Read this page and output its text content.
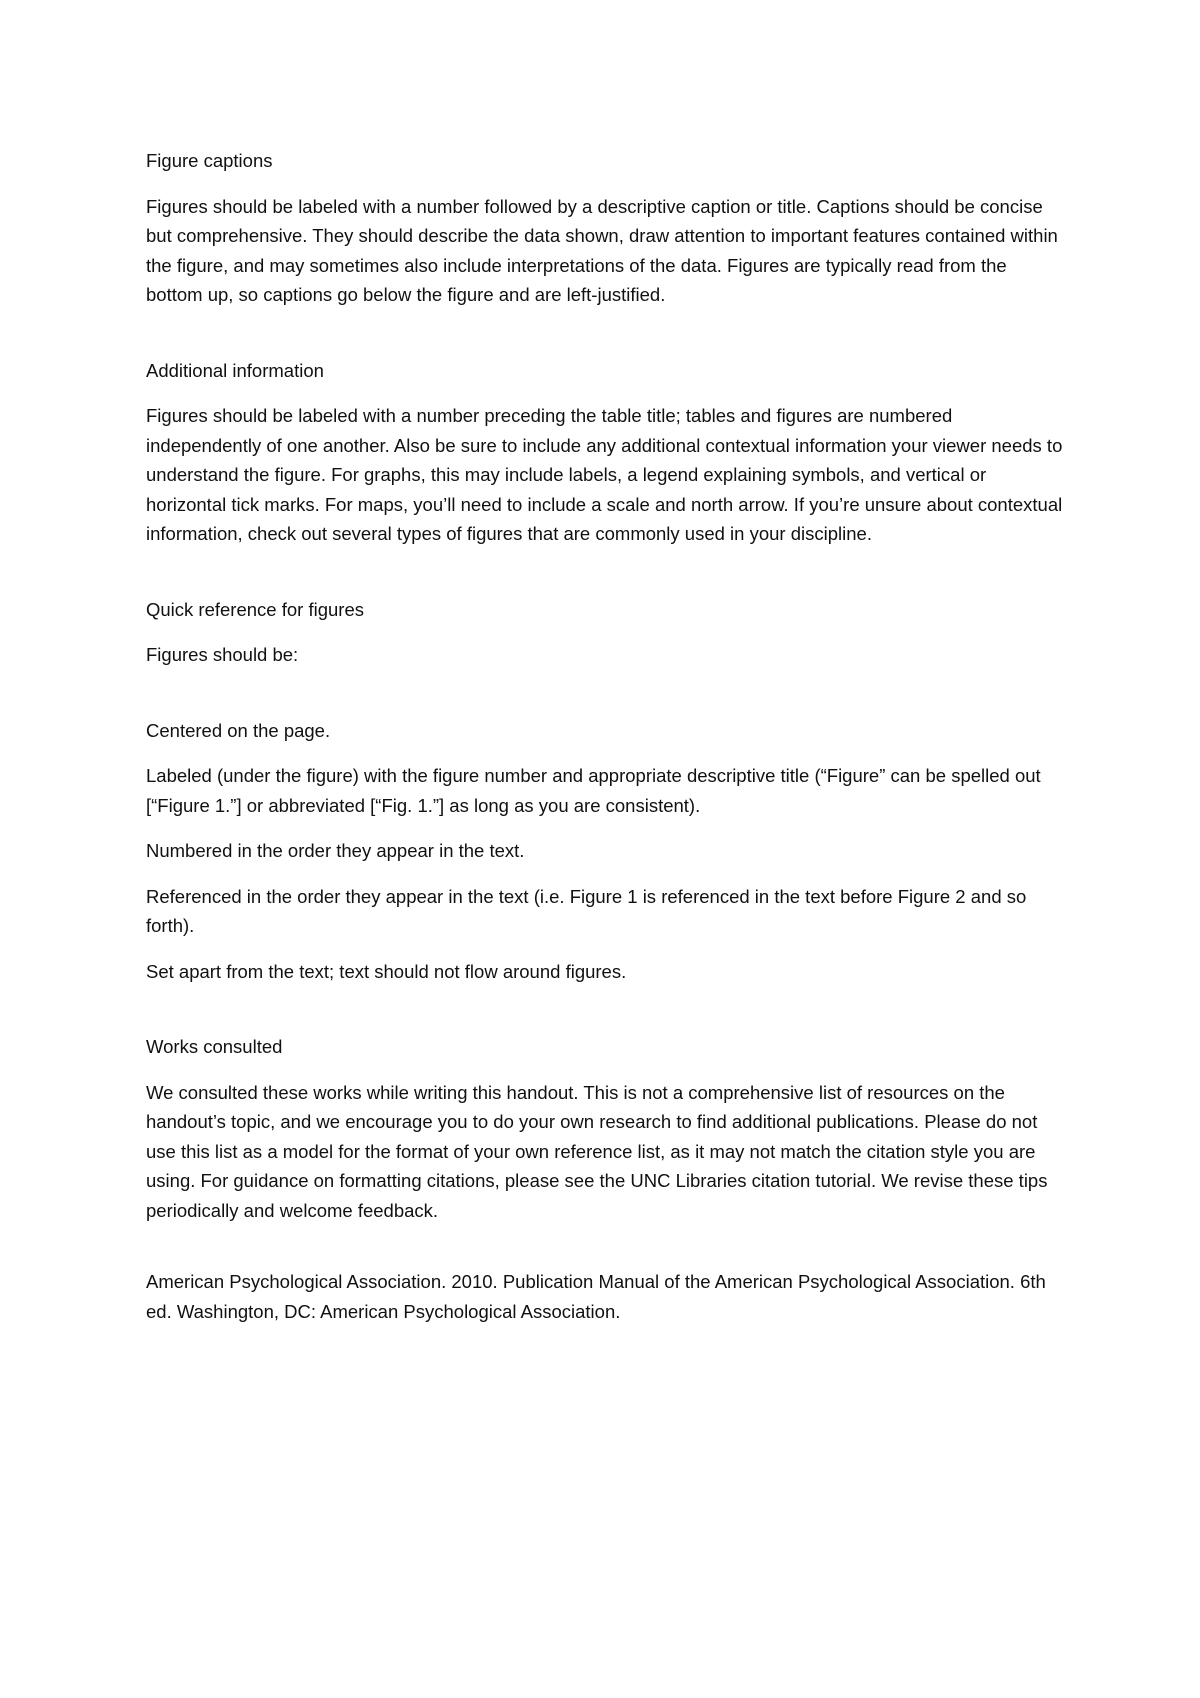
Figure captions

Figures should be labeled with a number followed by a descriptive caption or title. Captions should be concise but comprehensive. They should describe the data shown, draw attention to important features contained within the figure, and may sometimes also include interpretations of the data. Figures are typically read from the bottom up, so captions go below the figure and are left-justified.

Additional information

Figures should be labeled with a number preceding the table title; tables and figures are numbered independently of one another. Also be sure to include any additional contextual information your viewer needs to understand the figure. For graphs, this may include labels, a legend explaining symbols, and vertical or horizontal tick marks. For maps, you’ll need to include a scale and north arrow. If you’re unsure about contextual information, check out several types of figures that are commonly used in your discipline.

Quick reference for figures

Figures should be:

Centered on the page.

Labeled (under the figure) with the figure number and appropriate descriptive title (“Figure” can be spelled out [“Figure 1.”] or abbreviated [“Fig. 1.”] as long as you are consistent).

Numbered in the order they appear in the text.

Referenced in the order they appear in the text (i.e. Figure 1 is referenced in the text before Figure 2 and so forth).

Set apart from the text; text should not flow around figures.

Works consulted

We consulted these works while writing this handout. This is not a comprehensive list of resources on the handout’s topic, and we encourage you to do your own research to find additional publications. Please do not use this list as a model for the format of your own reference list, as it may not match the citation style you are using. For guidance on formatting citations, please see the UNC Libraries citation tutorial. We revise these tips periodically and welcome feedback.

American Psychological Association. 2010. Publication Manual of the American Psychological Association. 6th ed. Washington, DC: American Psychological Association.
